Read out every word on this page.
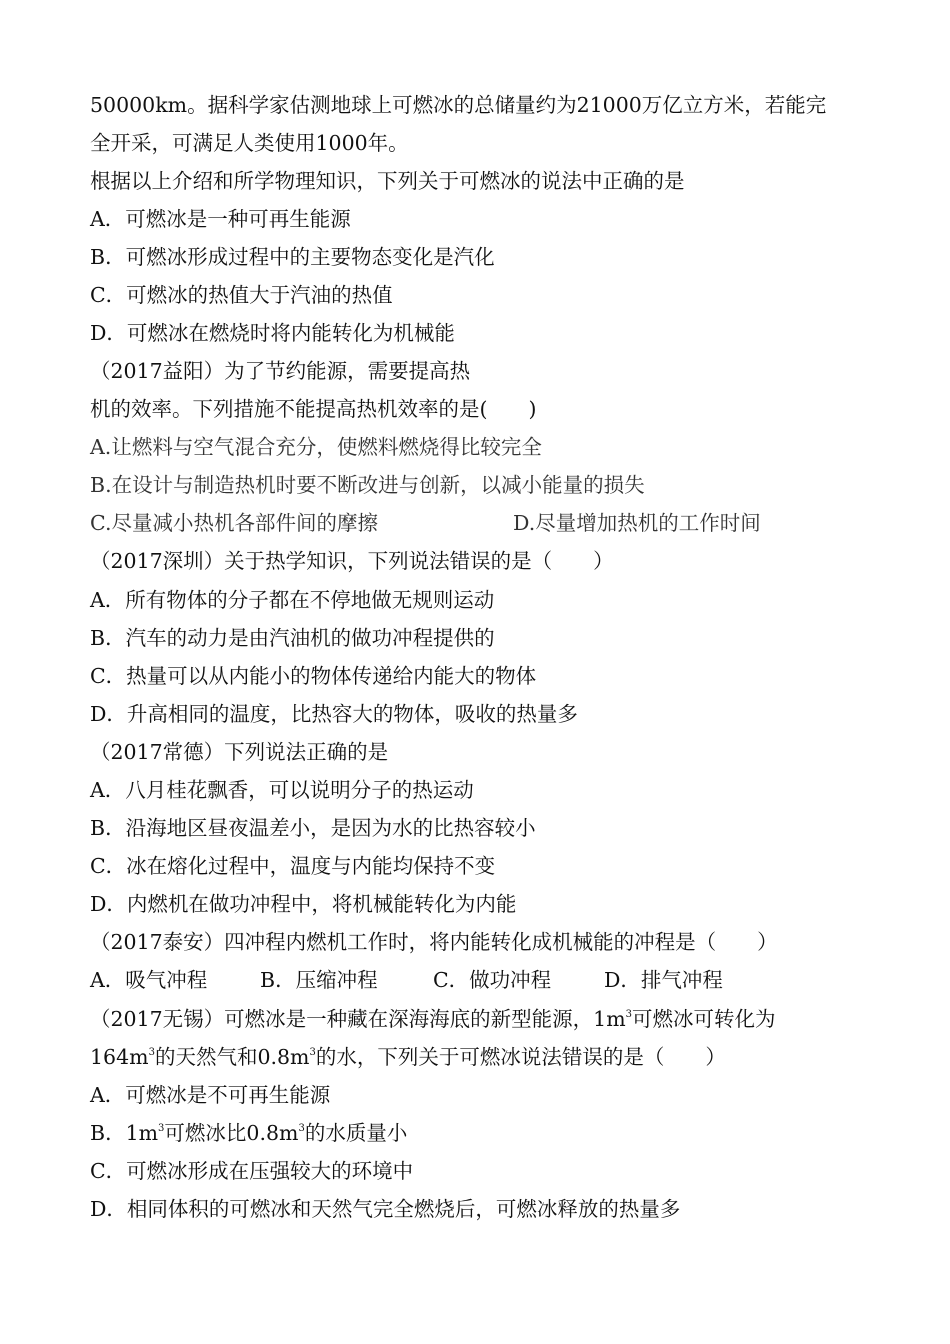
50000km。据科学家估测地球上可燃冰的总储量约为21000万亿立方米，若能完
全开采，可满足人类使用1000年。
根据以上介绍和所学物理知识，下列关于可燃冰的说法中正确的是
A．可燃冰是一种可再生能源
B．可燃冰形成过程中的主要物态变化是汽化
C．可燃冰的热值大于汽油的热值
D．可燃冰在燃烧时将内能转化为机械能
（2017益阳）为了节约能源，需要提高热
机的效率。下列措施不能提高热机效率的是(　　)
A.让燃料与空气混合充分，使燃料燃烧得比较完全
B.在设计与制造热机时要不断改进与创新，以减小能量的损失
C.尽量减小热机各部件间的摩擦	D.尽量增加热机的工作时间
（2017深圳）关于热学知识，下列说法错误的是（　　）
A．所有物体的分子都在不停地做无规则运动
B．汽车的动力是由汽油机的做功冲程提供的
C．热量可以从内能小的物体传递给内能大的物体
D．升高相同的温度，比热容大的物体，吸收的热量多
（2017常德）下列说法正确的是
A．八月桂花飘香，可以说明分子的热运动
B．沿海地区昼夜温差小，是因为水的比热容较小
C．冰在熔化过程中，温度与内能均保持不变
D．内燃机在做功冲程中，将机械能转化为内能
（2017泰安）四冲程内燃机工作时，将内能转化成机械能的冲程是（　　）
A．吸气冲程	B．压缩冲程	C．做功冲程	D．排气冲程
（2017无锡）可燃冰是一种藏在深海海底的新型能源，$1m^3$可燃冰可转化为
$164m^3$的天然气和$0.8m^3$的水，下列关于可燃冰说法错误的是（　　）
A．可燃冰是不可再生能源
B．$1m^3$可燃冰比$0.8m^3$的水质量小
C．可燃冰形成在压强较大的环境中
D．相同体积的可燃冰和天然气完全燃烧后，可燃冰释放的热量多
